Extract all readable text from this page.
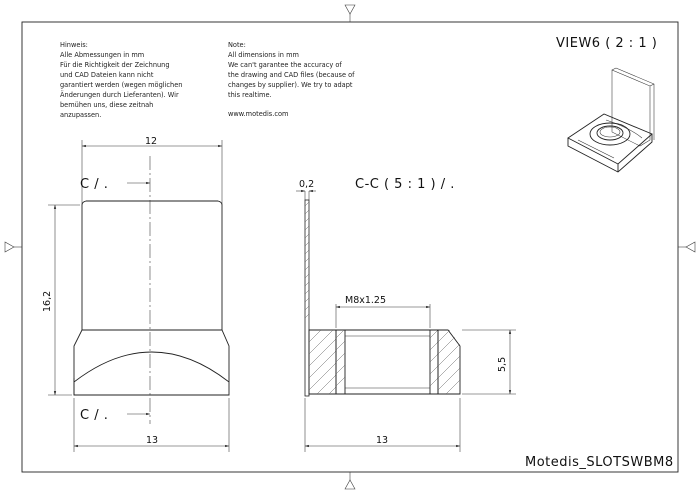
Hinweis:
Alle Abmessungen in mm
Für die Richtigkeit der Zeichnung
und CAD Dateien kann nicht
garantiert werden (wegen möglichen
Änderungen durch Lieferanten). Wir
bemühen uns, diese zeitnah
anzupassen.
Note:
All dimensions in mm
We can't garantee the accuracy of
the drawing and CAD files (because of
changes by supplier). We try to adapt
this realtime.
www.motedis.com
VIEW6 ( 2 : 1 )
12
C / .
C / .
16,2
13
C-C ( 5 : 1 ) / .
0,2
M8x1.25
5,5
13
Motedis_SLOTSWBM8
